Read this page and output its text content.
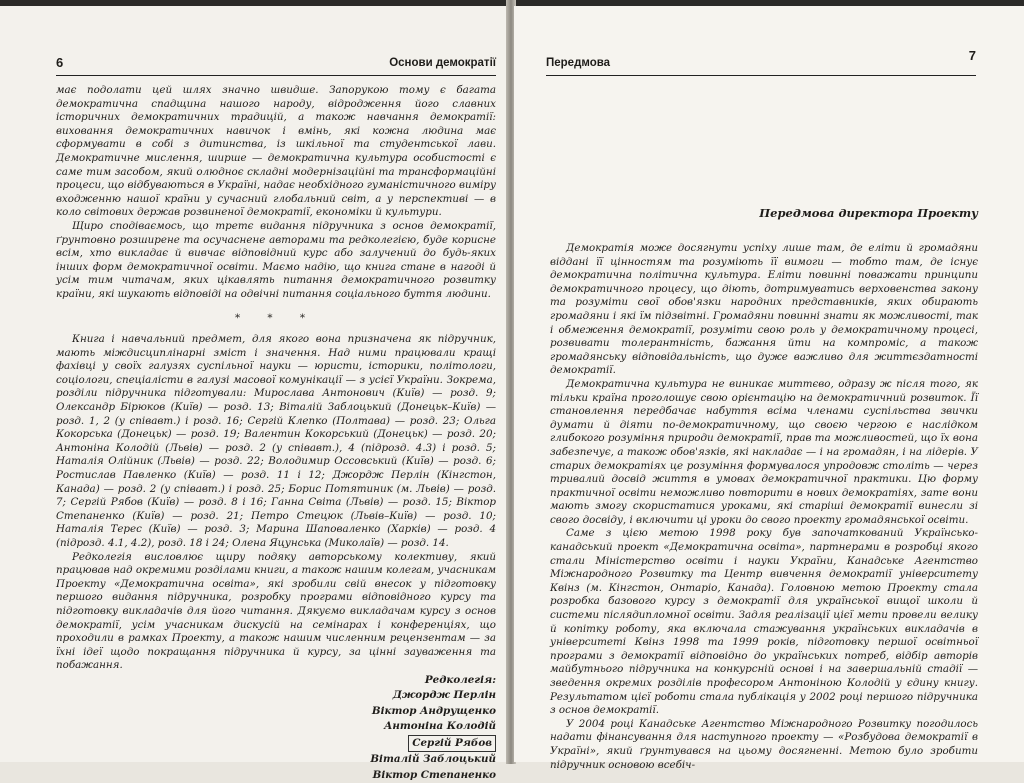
6	Основи демократії

має подолати цей шлях значно швидше. Запорукою тому є багата демократична спадщина нашого народу, відродження його славних історичних демократичних традицій, а також навчання демократії: виховання демократичних навичок і вмінь, які кожна людина має сформувати в собі з дитинства, із шкільної та студентської лави. Демократичне мислення, ширше — демократична культура особистості є саме тим засобом, який олюдноє складні модернізаційні та трансформаційні процеси, що відбуваються в Україні, надає необхідного гуманістичного виміру входженню нашої країни у сучасний глобальний світ, а у перспективі — в коло світових держав розвиненої демократії, економіки й культури.

Щиро сподіваємось, що третє видання підручника з основ демократії, ґрунтовно розширене та осучаснене авторами та редколегією, буде корисне всім, хто викладає й вивчає відповідний курс або залучений до будь-яких інших форм демократичної освіти. Маємо надію, що книга стане в нагоді й усім тим читачам, яких цікавлять питання демократичного розвитку країни, які шукають відповіді на одвічні питання соціального буття людини.

* * *

Книга і навчальний предмет, для якого вона призначена як підручник, мають міждисциплінарні зміст і значення. Над ними працювали кращі фахівці у своїх галузях суспільної науки — юристи, історики, політологи, соціологи, спеціалісти в галузі масової комунікації — з усієї України. Зокрема, розділи підручника підготували: Мирослава Антонович (Київ) — розд. 9; Олександр Бірюков (Київ) — розд. 13; Віталій Заблоцький (Донецьк–Київ) — розд. 1, 2 (у співавт.) і розд. 16; Сергій Клепко (Полтава) — розд. 23; Ольга Кокорська (Донецьк) — розд. 19; Валентин Кокорський (Донецьк) — розд. 20; Антоніна Колодій (Львів) — розд. 2 (у співавт.), 4 (підрозд. 4.3) і розд. 5; Наталія Олійник (Львів) — розд. 22; Володимир Оссовський (Київ) — розд. 6; Ростислав Павленко (Київ) — розд. 11 і 12; Джордж Перлін (Кінгстон, Канада) — розд. 2 (у співавт.) і розд. 25; Борис Потятиник (м. Львів) — розд. 7; Сергій Рябов (Київ) — розд. 8 і 16; Ганна Світа (Львів) — розд. 15; Віктор Степаненко (Київ) — розд. 21; Петро Стецюк (Львів–Київ) — розд. 10; Наталія Терес (Київ) — розд. 3; Марина Шаповаленко (Харків) — розд. 4 (підрозд. 4.1, 4.2), розд. 18 і 24; Олена Яцунська (Миколаїв) — розд. 14.

Редколегія висловлює щиру подяку авторському колективу, який працював над окремими розділами книги, а також нашим колегам, учасникам Проекту «Демократична освіта», які зробили свій внесок у підготовку першого видання підручника, розробку програми відповідного курсу та підготовку викладачів для його читання. Дякуємо викладачам курсу з основ демократії, усім учасникам дискусій на семінарах і конференціях, що проходили в рамках Проекту, а також нашим численним рецензентам — за їхні ідеї щодо покращання підручника й курсу, за цінні зауваження та побажання.

Редколегія:
Джордж Перлін
Віктор Андрущенко
Антоніна Колодій
Сергій Рябов
Віталій Заблоцький
Віктор Степаненко
Передмова	7
Передмова директора Проекту

Демократія може досягнути успіху лише там, де еліти й громадяни віддані її цінностям та розуміють її вимоги — тобто там, де існує демократична політична культура. Еліти повинні поважати принципи демократичного процесу, що діють, дотримуватись верховенства закону та розуміти свої обов'язки народних представників, яких обирають громадяни і які їм підзвітні. Громадяни повинні знати як можливості, так і обмеження демократії, розуміти свою роль у демократичному процесі, розвивати толерантність, бажання йти на компроміс, а також громадянську відповідальність, що дуже важливо для життєздатності демократії.

Демократична культура не виникає миттєво, одразу ж після того, як тільки країна проголошує свою орієнтацію на демократичний розвиток. Її становлення передбачає набуття всіма членами суспільства звички думати й діяти по-демократичному, що своєю чергою є наслідком глибокого розуміння природи демократії, прав та можливостей, що їх вона забезпечує, а також обов'язків, які накладає — і на громадян, і на лідерів. У старих демократіях це розуміння формувалося упродовж століть — через тривалий досвід життя в умовах демократичної практики. Цю форму практичної освіти неможливо повторити в нових демократіях, зате вони мають змогу скористатися уроками, які старіші демократії винесли зі свого досвіду, і включити ці уроки до свого проекту громадянської освіти.

Саме з цією метою 1998 року був започаткований Українсько-канадський проект «Демократична освіта», партнерами в розробці якого стали Міністерство освіти і науки України, Канадське Агентство Міжнародного Розвитку та Центр вивчення демократії університету Квінз (м. Кінгстон, Онтаріо, Канада). Головною метою Проекту стала розробка базового курсу з демократії для української вищої школи й системи післядипломної освіти. Задля реалізації цієї мети провели велику й копітку роботу, яка включала стажування українських викладачів в університеті Квінз 1998 та 1999 років, підготовку першої освітньої програми з демократії відповідно до українських потреб, відбір авторів майбутнього підручника на конкурсній основі і на завершальній стадії — зведення окремих розділів професором Антоніною Колодій у єдину книгу. Результатом цієї роботи стала публікація у 2002 році першого підручника з основ демократії.

У 2004 році Канадське Агентство Міжнародного Розвитку погодилось надати фінансування для наступного проекту — «Розбудова демократії в Україні», який ґрунтувався на цьому досягненні. Метою було зробити підручник основою всебіч-
